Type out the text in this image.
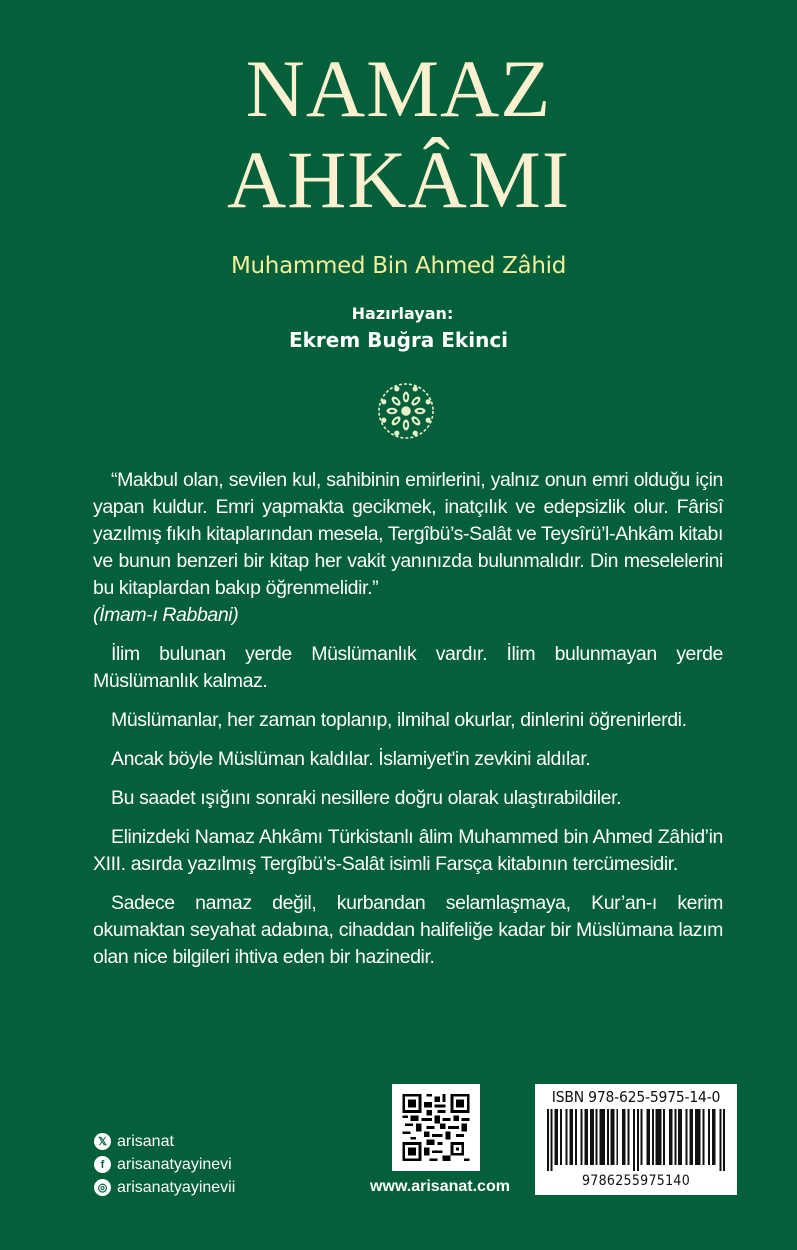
NAMAZ
AHKÂMI
Muhammed Bin Ahmed Zâhid
Hazırlayan:
Ekrem Buğra Ekinci

“Makbul olan, sevilen kul, sahibinin emirlerini, yalnız onun emri olduğu için yapan kuldur. Emri yapmakta gecikmek, inatçılık ve edepsizlik olur. Fârisî yazılmış fıkıh kitaplarından mesela, Tergîbü’s-Salât ve Teysîrü’l-Ahkâm kitabı ve bunun benzeri bir kitap her vakit yanınızda bulunmalıdır. Din meselelerini bu kitaplardan bakıp öğrenmelidir.”

(İmam-ı Rabbani)

İlim bulunan yerde Müslümanlık vardır. İlim bulunmayan yerde Müslümanlık kalmaz.

Müslümanlar, her zaman toplanıp, ilmihal okurlar, dinlerini öğrenirlerdi.

Ancak böyle Müslüman kaldılar. İslamiyet'in zevkini aldılar.

Bu saadet ışığını sonraki nesillere doğru olarak ulaştırabildiler.

Elinizdeki Namaz Ahkâmı Türkistanlı âlim Muhammed bin Ahmed Zâhid’in XIII. asırda yazılmış Tergîbü’s-Salât isimli Farsça kitabının tercümesidir.

Sadece namaz değil, kurbandan selamlaşmaya, Kur’an-ı kerim okumaktan seyahat adabına, cihaddan halifeliğe kadar bir Müslümana lazım olan nice bilgileri ihtiva eden bir hazinedir.

𝕏 arisanat
f arisanatyayinevi
◎ arisanatyayinevii	www.arisanat.com
ISBN 978-625-5975-14-0
9786255975140
